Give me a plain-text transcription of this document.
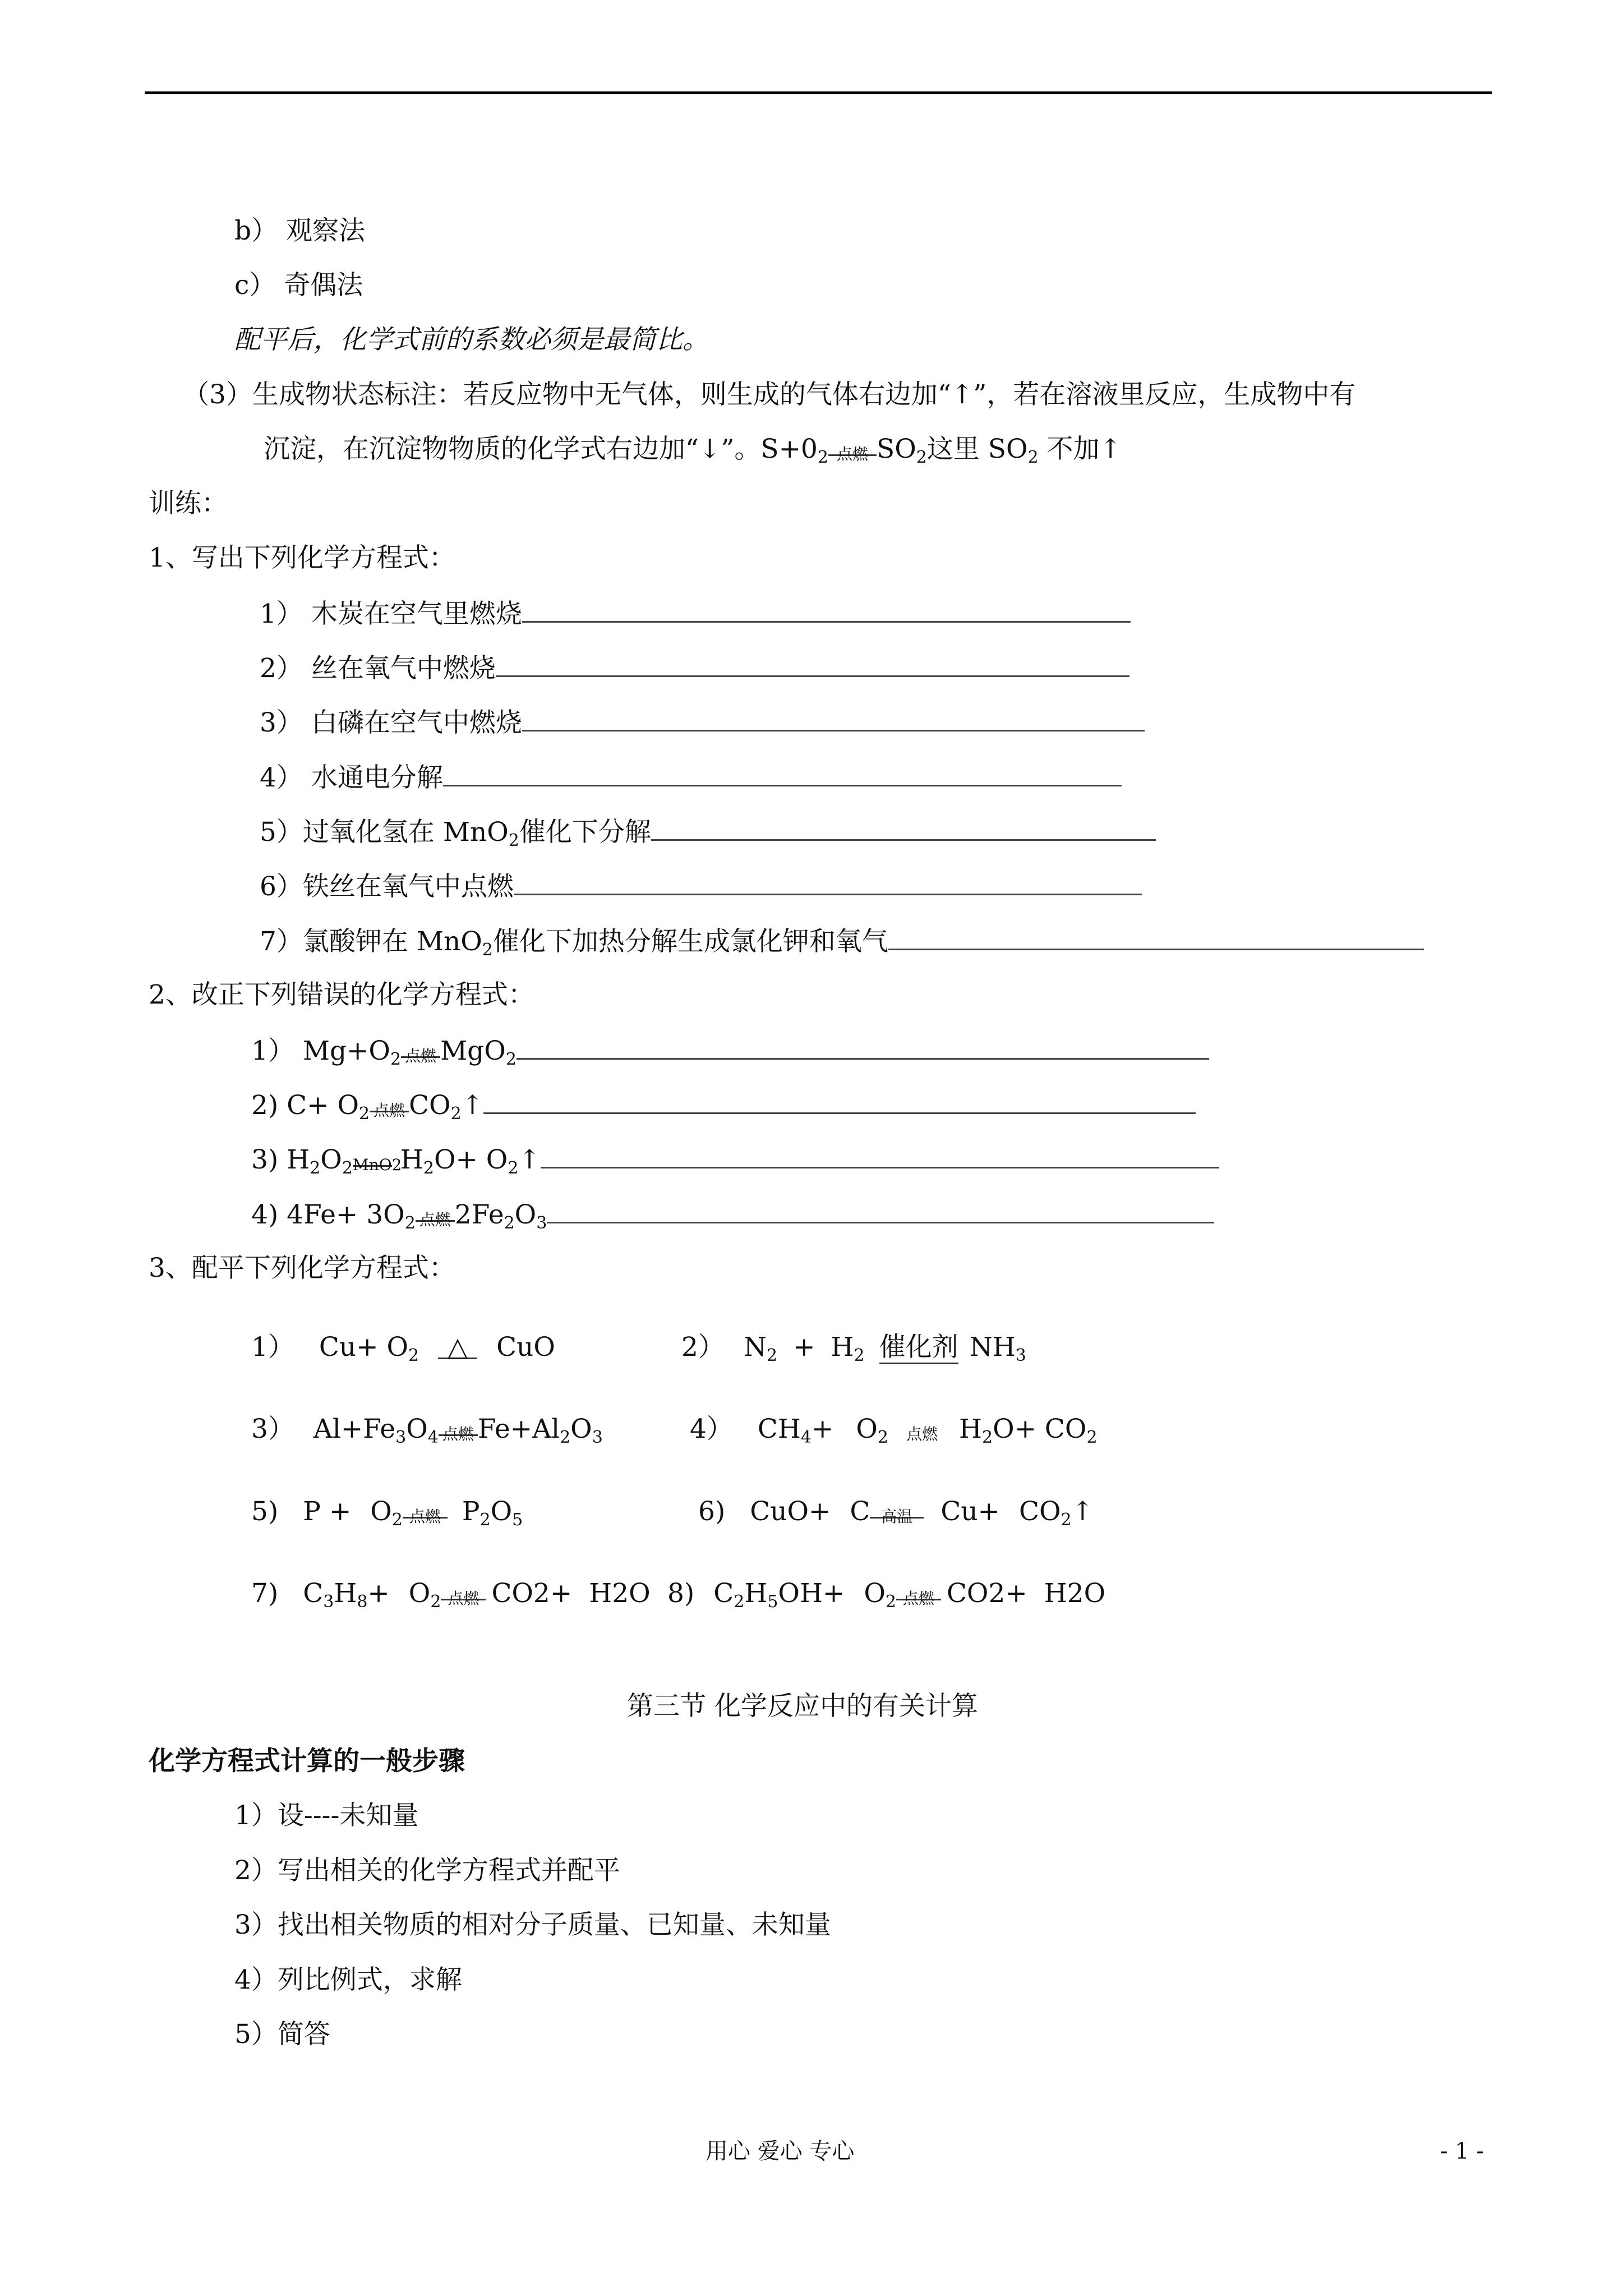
b） 观察法
c） 奇偶法
配平后，化学式前的系数必须是最简比。
（3）生成物状态标注：若反应物中无气体，则生成的气体右边加“↑”，若在溶液里反应，生成物中有
沉淀，在沉淀物物质的化学式右边加“↓”。$S+0_2$ 点燃 $SO_2$这里 $SO_2$ 不加↑
训练：
1、写出下列化学方程式：
1） 木炭在空气里燃烧
2） 丝在氧气中燃烧
3） 白磷在空气中燃烧
4） 水通电分解
5）过氧化氢在 MnO$_2$催化下分解
6）铁丝在氧气中点燃
7）氯酸钾在 MnO$_2$催化下加热分解生成氯化钾和氧气
2、改正下列错误的化学方程式：
1） $Mg+O_2$ 点燃 MgO$_2$
2) $C+ O_2$ 点燃 $CO_2↑$
3) $H_2O_2$ MnO2
$H_2O+$ $O_2↑$
4) $4Fe+ 3O_2$ 点燃 $2Fe_2O_3$
3、配平下列化学方程式：
1） $Cu+ O_2$ △ CuO	2） $N_2 + H_2$ 催化剂 $NH_3$
3） $Al+Fe_3O_4$ 点燃 $Fe+Al_2O_3$	4） $CH_4+ O_2$	点燃 $H_2O+ CO_2$
5) $P + O_2$ 点燃 $P_2O_5$	6) CuO+ C 高温	$Cu+ CO_2↑$
7) $C_3H_8+ O_2$ 点燃 CO2+ H2O 8) $C_2H_5OH+ O_2$ 点燃 CO2+ H2O
第三节 化学反应中的有关计算
化学方程式计算的一般步骤
1）设----未知量
2）写出相关的化学方程式并配平
3）找出相关物质的相对分子质量、已知量、未知量
4）列比例式，求解
5）简答
用心 爱心 专心	- 1 -
